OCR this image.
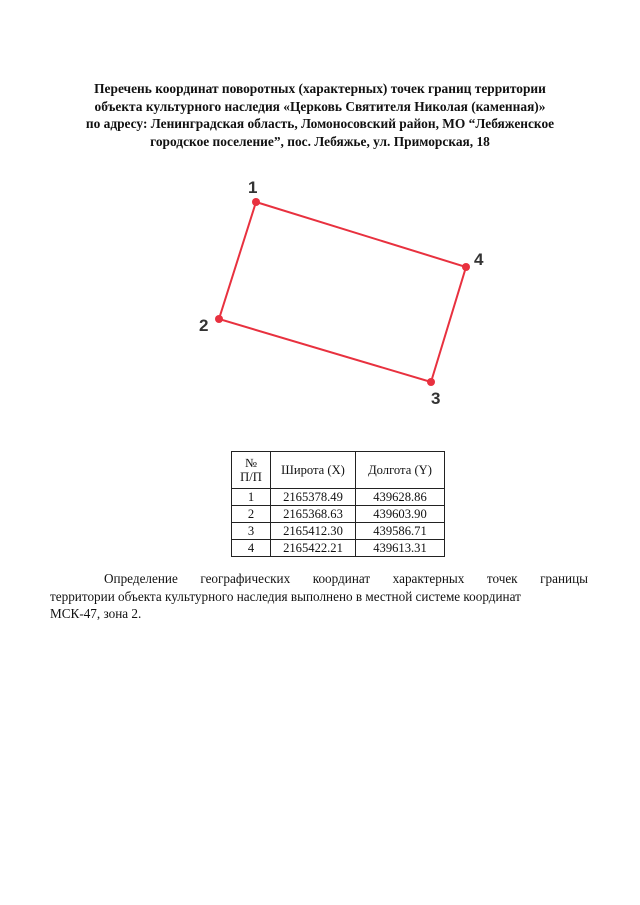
Перечень координат поворотных (характерных) точек границ территории
объекта культурного наследия «Церковь Святителя Николая (каменная)»
по адресу: Ленинградская область, Ломоносовский район, МО “Лебяженское
городское поселение”, пос. Лебяжье, ул. Приморская, 18
1
2
3
4
№
П/П	Широта (X)	Долгота (Y)
1	2165378.49	439628.86
2	2165368.63	439603.90
3	2165412.30	439586.71
4	2165422.21	439613.31
Определение географических координат характерных точек границы
территории объекта культурного наследия выполнено в местной системе координат
МСК-47, зона 2.
